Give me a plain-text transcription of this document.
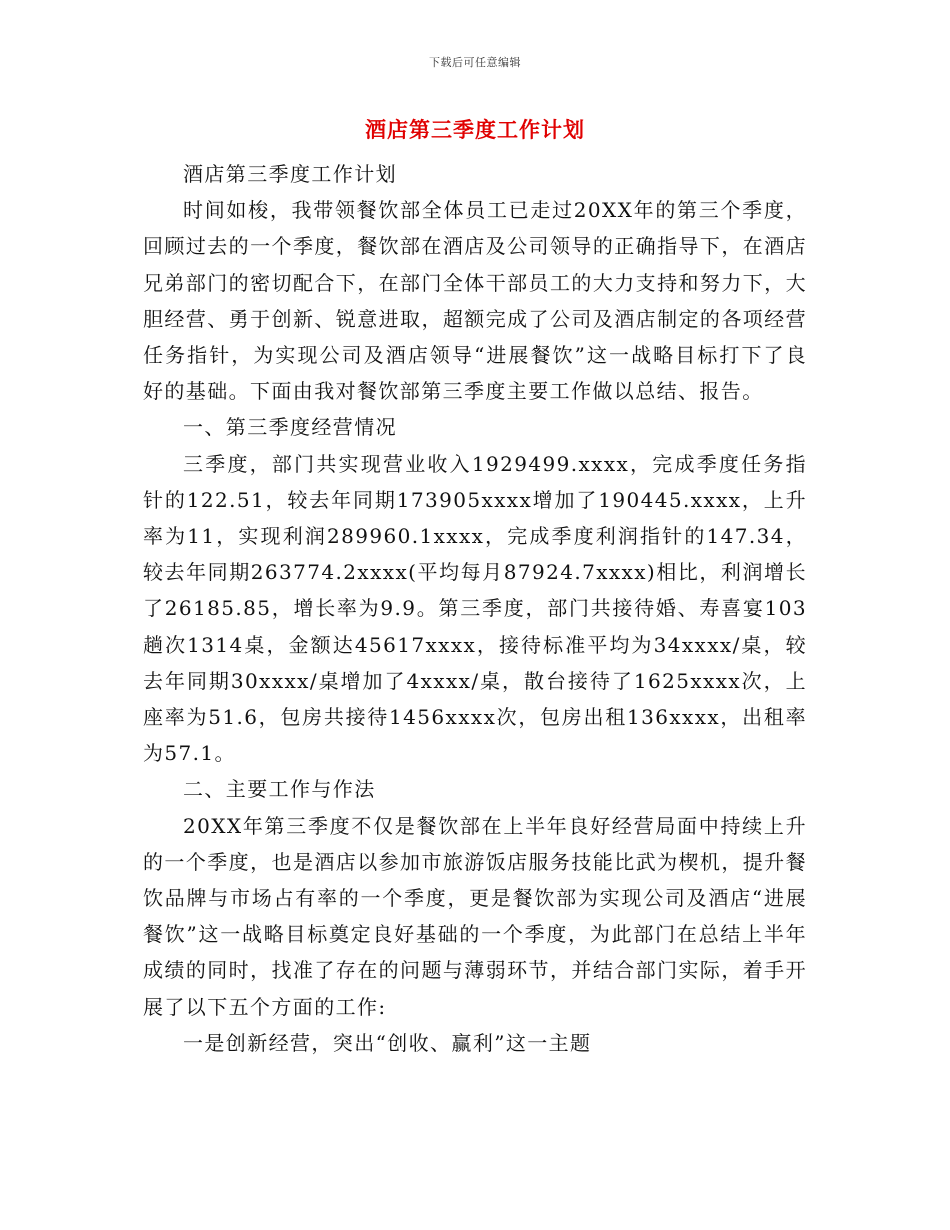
下载后可任意编辑
酒店第三季度工作计划

酒店第三季度工作计划

时间如梭，我带领餐饮部全体员工已走过20XX年的第三个季度，回顾过去的一个季度，餐饮部在酒店及公司领导的正确指导下，在酒店兄弟部门的密切配合下，在部门全体干部员工的大力支持和努力下，大胆经营、勇于创新、锐意进取，超额完成了公司及酒店制定的各项经营任务指针，为实现公司及酒店领导“进展餐饮”这一战略目标打下了良好的基础。下面由我对餐饮部第三季度主要工作做以总结、报告。

一、第三季度经营情况

三季度，部门共实现营业收入1929499.xxxx，完成季度任务指针的122.51，较去年同期173905xxxx增加了190445.xxxx，上升率为11，实现利润289960.1xxxx，完成季度利润指针的147.34，较去年同期263774.2xxxx(平均每月87924.7xxxx)相比，利润增长了26185.85，增长率为9.9。第三季度，部门共接待婚、寿喜宴103趟次1314桌，金额达45617xxxx，接待标准平均为34xxxx/桌，较去年同期30xxxx/桌增加了4xxxx/桌，散台接待了1625xxxx次，上座率为51.6，包房共接待1456xxxx次，包房出租136xxxx，出租率为57.1。

二、主要工作与作法

20XX年第三季度不仅是餐饮部在上半年良好经营局面中持续上升的一个季度，也是酒店以参加市旅游饭店服务技能比武为楔机，提升餐饮品牌与市场占有率的一个季度，更是餐饮部为实现公司及酒店“进展餐饮”这一战略目标奠定良好基础的一个季度，为此部门在总结上半年成绩的同时，找准了存在的问题与薄弱环节，并结合部门实际，着手开展了以下五个方面的工作:

一是创新经营，突出“创收、赢利”这一主题
